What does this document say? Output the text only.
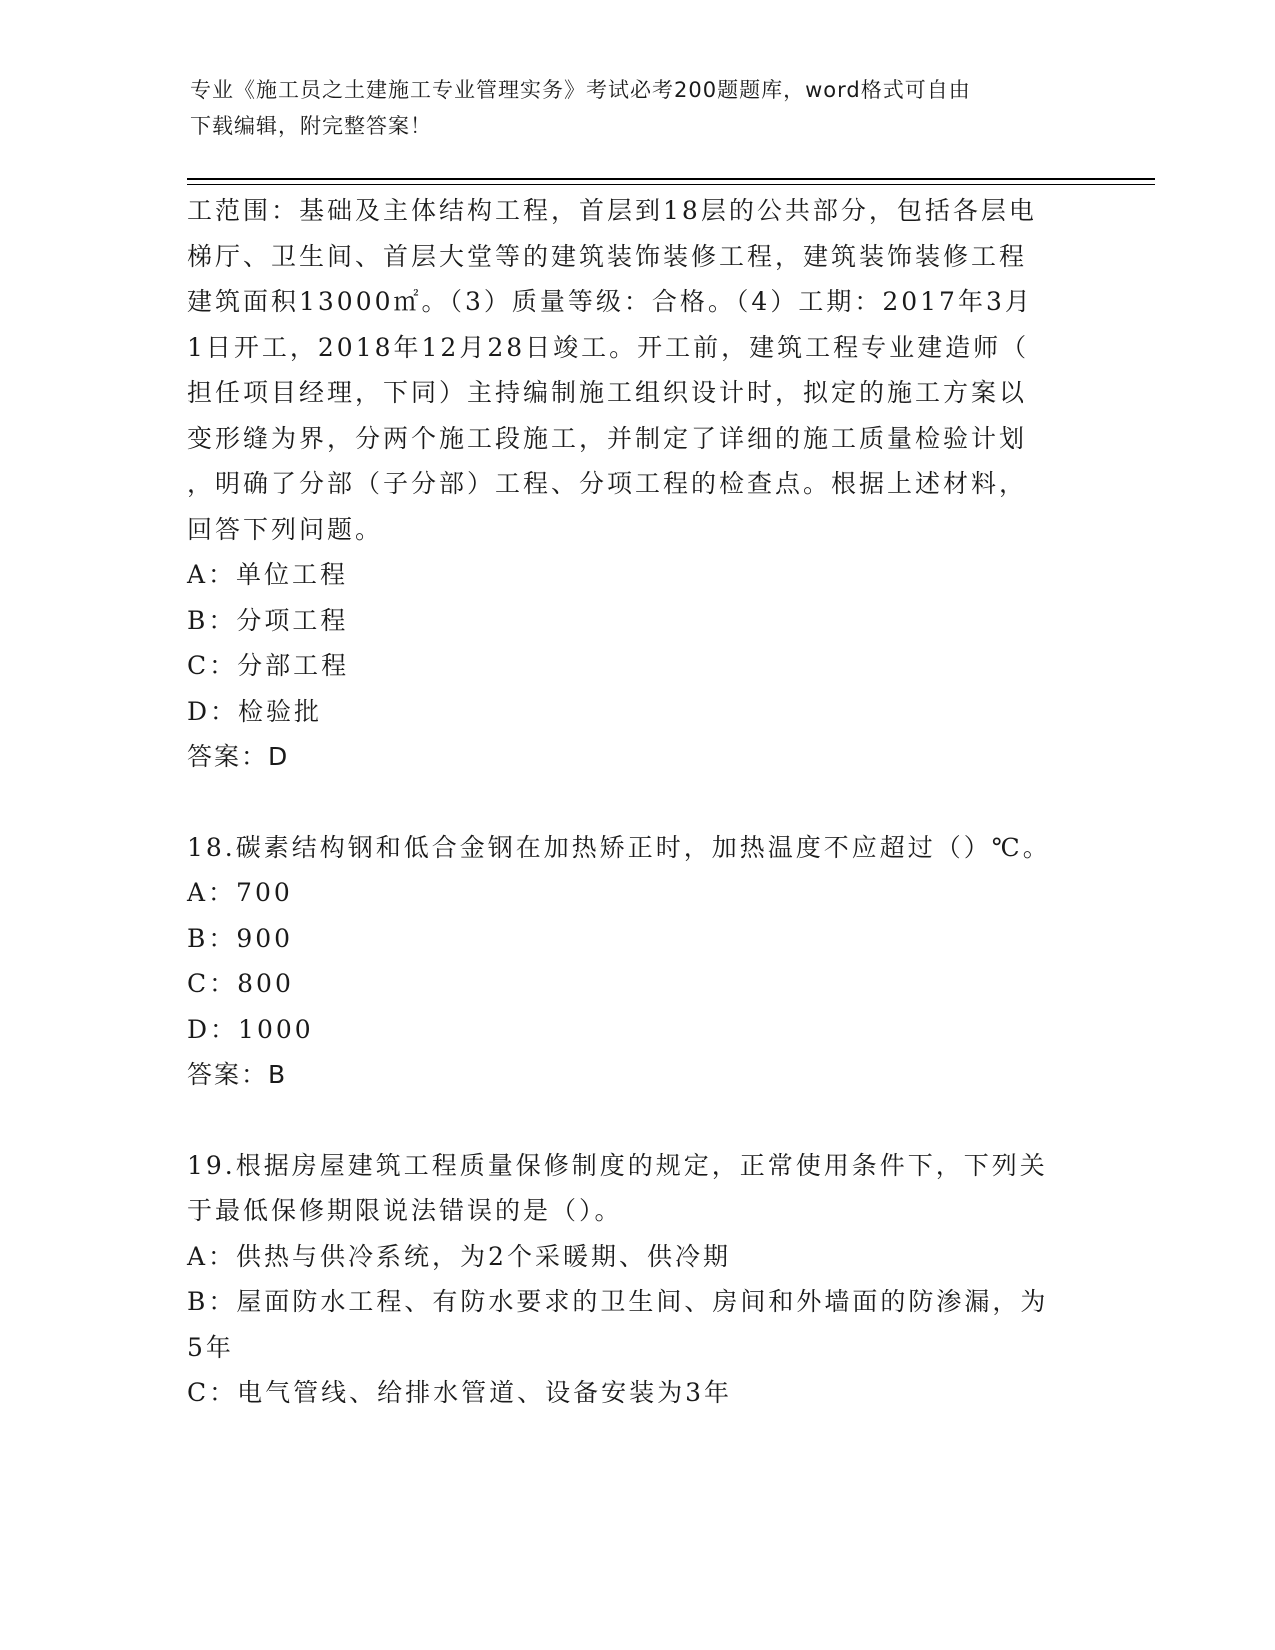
专业《施工员之土建施工专业管理实务》考试必考200题题库，word格式可自由
下载编辑，附完整答案！

工范围：基础及主体结构工程，首层到18层的公共部分，包括各层电

梯厅、卫生间、首层大堂等的建筑装饰装修工程，建筑装饰装修工程

建筑面积13000㎡。（3）质量等级：合格。（4）工期：2017年3月

1日开工，2018年12月28日竣工。开工前，建筑工程专业建造师（

担任项目经理，下同）主持编制施工组织设计时，拟定的施工方案以

变形缝为界，分两个施工段施工，并制定了详细的施工质量检验计划

，明确了分部（子分部）工程、分项工程的检查点。根据上述材料，

回答下列问题。

A：单位工程

B：分项工程

C：分部工程

D：检验批

答案：D

18.碳素结构钢和低合金钢在加热矫正时，加热温度不应超过（）℃。

A：700

B：900

C：800

D：1000

答案：B

19.根据房屋建筑工程质量保修制度的规定，正常使用条件下，下列关

于最低保修期限说法错误的是（）。

A：供热与供冷系统，为2个采暖期、供冷期

B：屋面防水工程、有防水要求的卫生间、房间和外墙面的防渗漏，为

5年

C：电气管线、给排水管道、设备安装为3年
